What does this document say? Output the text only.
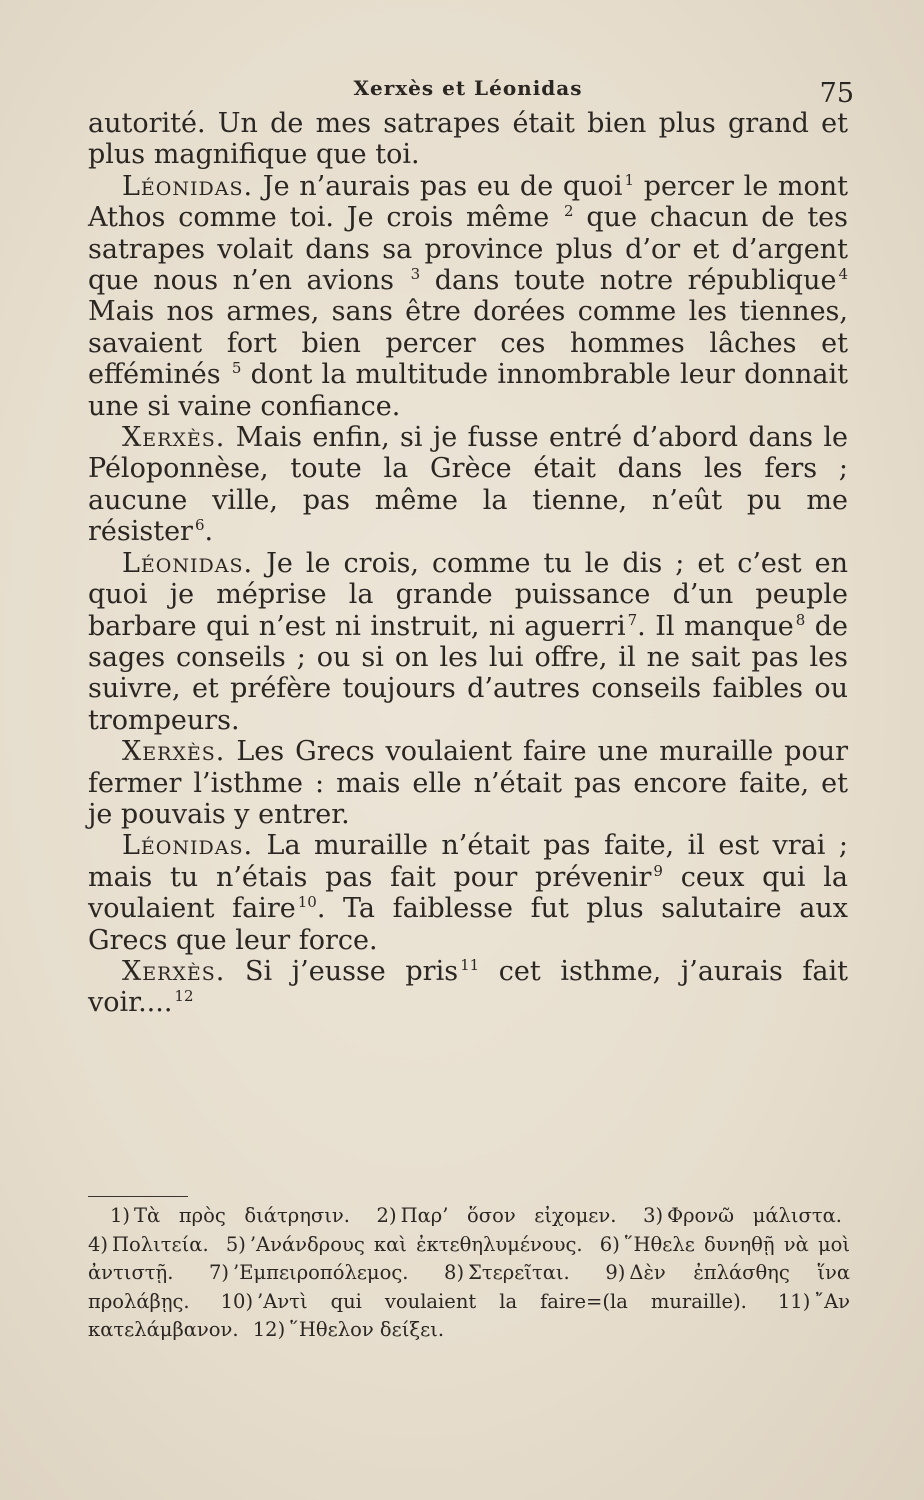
Xerxès et Léonidas	75

autorité. Un de mes satrapes était bien plus grand et plus magnifique que toi.

Léonidas. Je n’aurais pas eu de quoi $^1$ percer le mont Athos comme toi. Je crois même $^2$ que chacun de tes satrapes volait dans sa province plus d’or et d’argent que nous n’en avions $^3$ dans toute notre république $^4$ Mais nos armes, sans être dorées comme les tiennes, savaient fort bien percer ces hommes lâches et efféminés $^5$ dont la multitude innombrable leur donnait une si vaine confiance.

Xerxès. Mais enfin, si je fusse entré d’abord dans le Péloponnèse, toute la Grèce était dans les fers ; aucune ville, pas même la tienne, n’eût pu me résister $^6$.

Léonidas. Je le crois, comme tu le dis ; et c’est en quoi je méprise la grande puissance d’un peuple barbare qui n’est ni instruit, ni aguerri $^7$. Il manque $^8$ de sages conseils ; ou si on les lui offre, il ne sait pas les suivre, et préfère toujours d’autres conseils faibles ou trompeurs.

Xerxès. Les Grecs voulaient faire une muraille pour fermer l’isthme : mais elle n’était pas encore faite, et je pouvais y entrer.

Léonidas. La muraille n’était pas faite, il est vrai ; mais tu n’étais pas fait pour prévenir $^9$ ceux qui la voulaient faire $^{10}$. Ta faiblesse fut plus salutaire aux Grecs que leur force.

Xerxès. Si j’eusse pris $^{11}$ cet isthme, j’aurais fait voir.... $^{12}$

1) Τὰ πρὸς διάτρησιν. 2) Παρ’ ὅσον εἰχομεν. 3) Φρονῶ μάλιστα. 4) Πολιτεία. 5) ’Ανάνδρους καὶ ἐκτεθηλυμένους. 6) ῞Ηθελε δυνηθῇ νὰ μοὶ ἀντιστῇ. 7) ’Εμπειροπόλεμος. 8) Στερεῖται. 9) Δὲν ἐπλάσθης ἵνα προλάβῃς. 10) ’Αντὶ qui voulaient la faire=(la muraille). 11) ῎Αν κατελάμβανον. 12) ῞Ηθελον δείξει.
